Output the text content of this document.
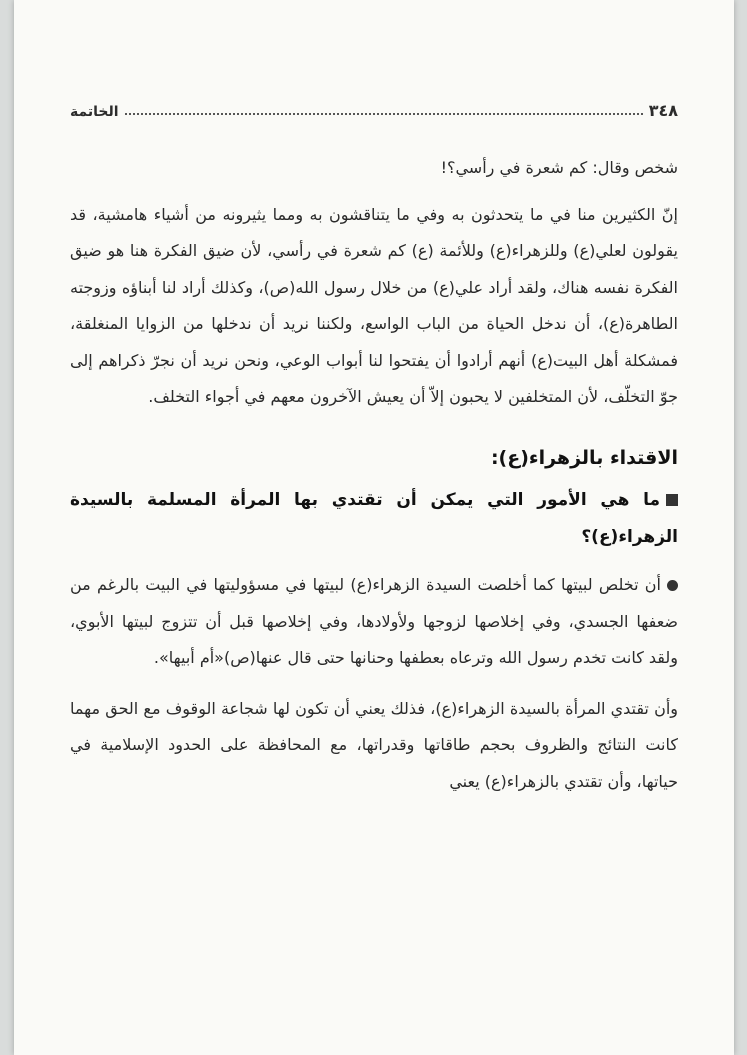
٣٤٨
الخاتمة

شخص وقال: كم شعرة في رأسي؟!

إنّ الكثيرين منا في ما يتحدثون به وفي ما يتناقشون به ومما يثيرونه من أشياء هامشية، قد يقولون لعلي(ع) وللزهراء(ع) وللأئمة (ع) كم شعرة في رأسي، لأن ضيق الفكرة هنا هو ضيق الفكرة نفسه هناك، ولقد أراد علي(ع) من خلال رسول الله(ص)، وكذلك أراد لنا أبناؤه وزوجته الطاهرة(ع)، أن ندخل الحياة من الباب الواسع، ولكننا نريد أن ندخلها من الزوايا المنغلقة، فمشكلة أهل البيت(ع) أنهم أرادوا أن يفتحوا لنا أبواب الوعي، ونحن نريد أن نجرّ ذكراهم إلى جوّ التخلّف، لأن المتخلفين لا يحبون إلاّ أن يعيش الآخرون معهم في أجواء التخلف.

الاقتداء بالزهراء(ع):
ما هي الأمور التي يمكن أن تقتدي بها المرأة المسلمة بالسيدة الزهراء(ع)؟

أن تخلص لبيتها كما أخلصت السيدة الزهراء(ع) لبيتها في مسؤوليتها في البيت بالرغم من ضعفها الجسدي، وفي إخلاصها لزوجها ولأولادها، وفي إخلاصها قبل أن تتزوج لبيتها الأبوي، ولقد كانت تخدم رسول الله وترعاه بعطفها وحنانها حتى قال عنها(ص)«أم أبيها».

وأن تقتدي المرأة بالسيدة الزهراء(ع)، فذلك يعني أن تكون لها شجاعة الوقوف مع الحق مهما كانت النتائج والظروف بحجم طاقاتها وقدراتها، مع المحافظة على الحدود الإسلامية في حياتها، وأن تقتدي بالزهراء(ع) يعني
